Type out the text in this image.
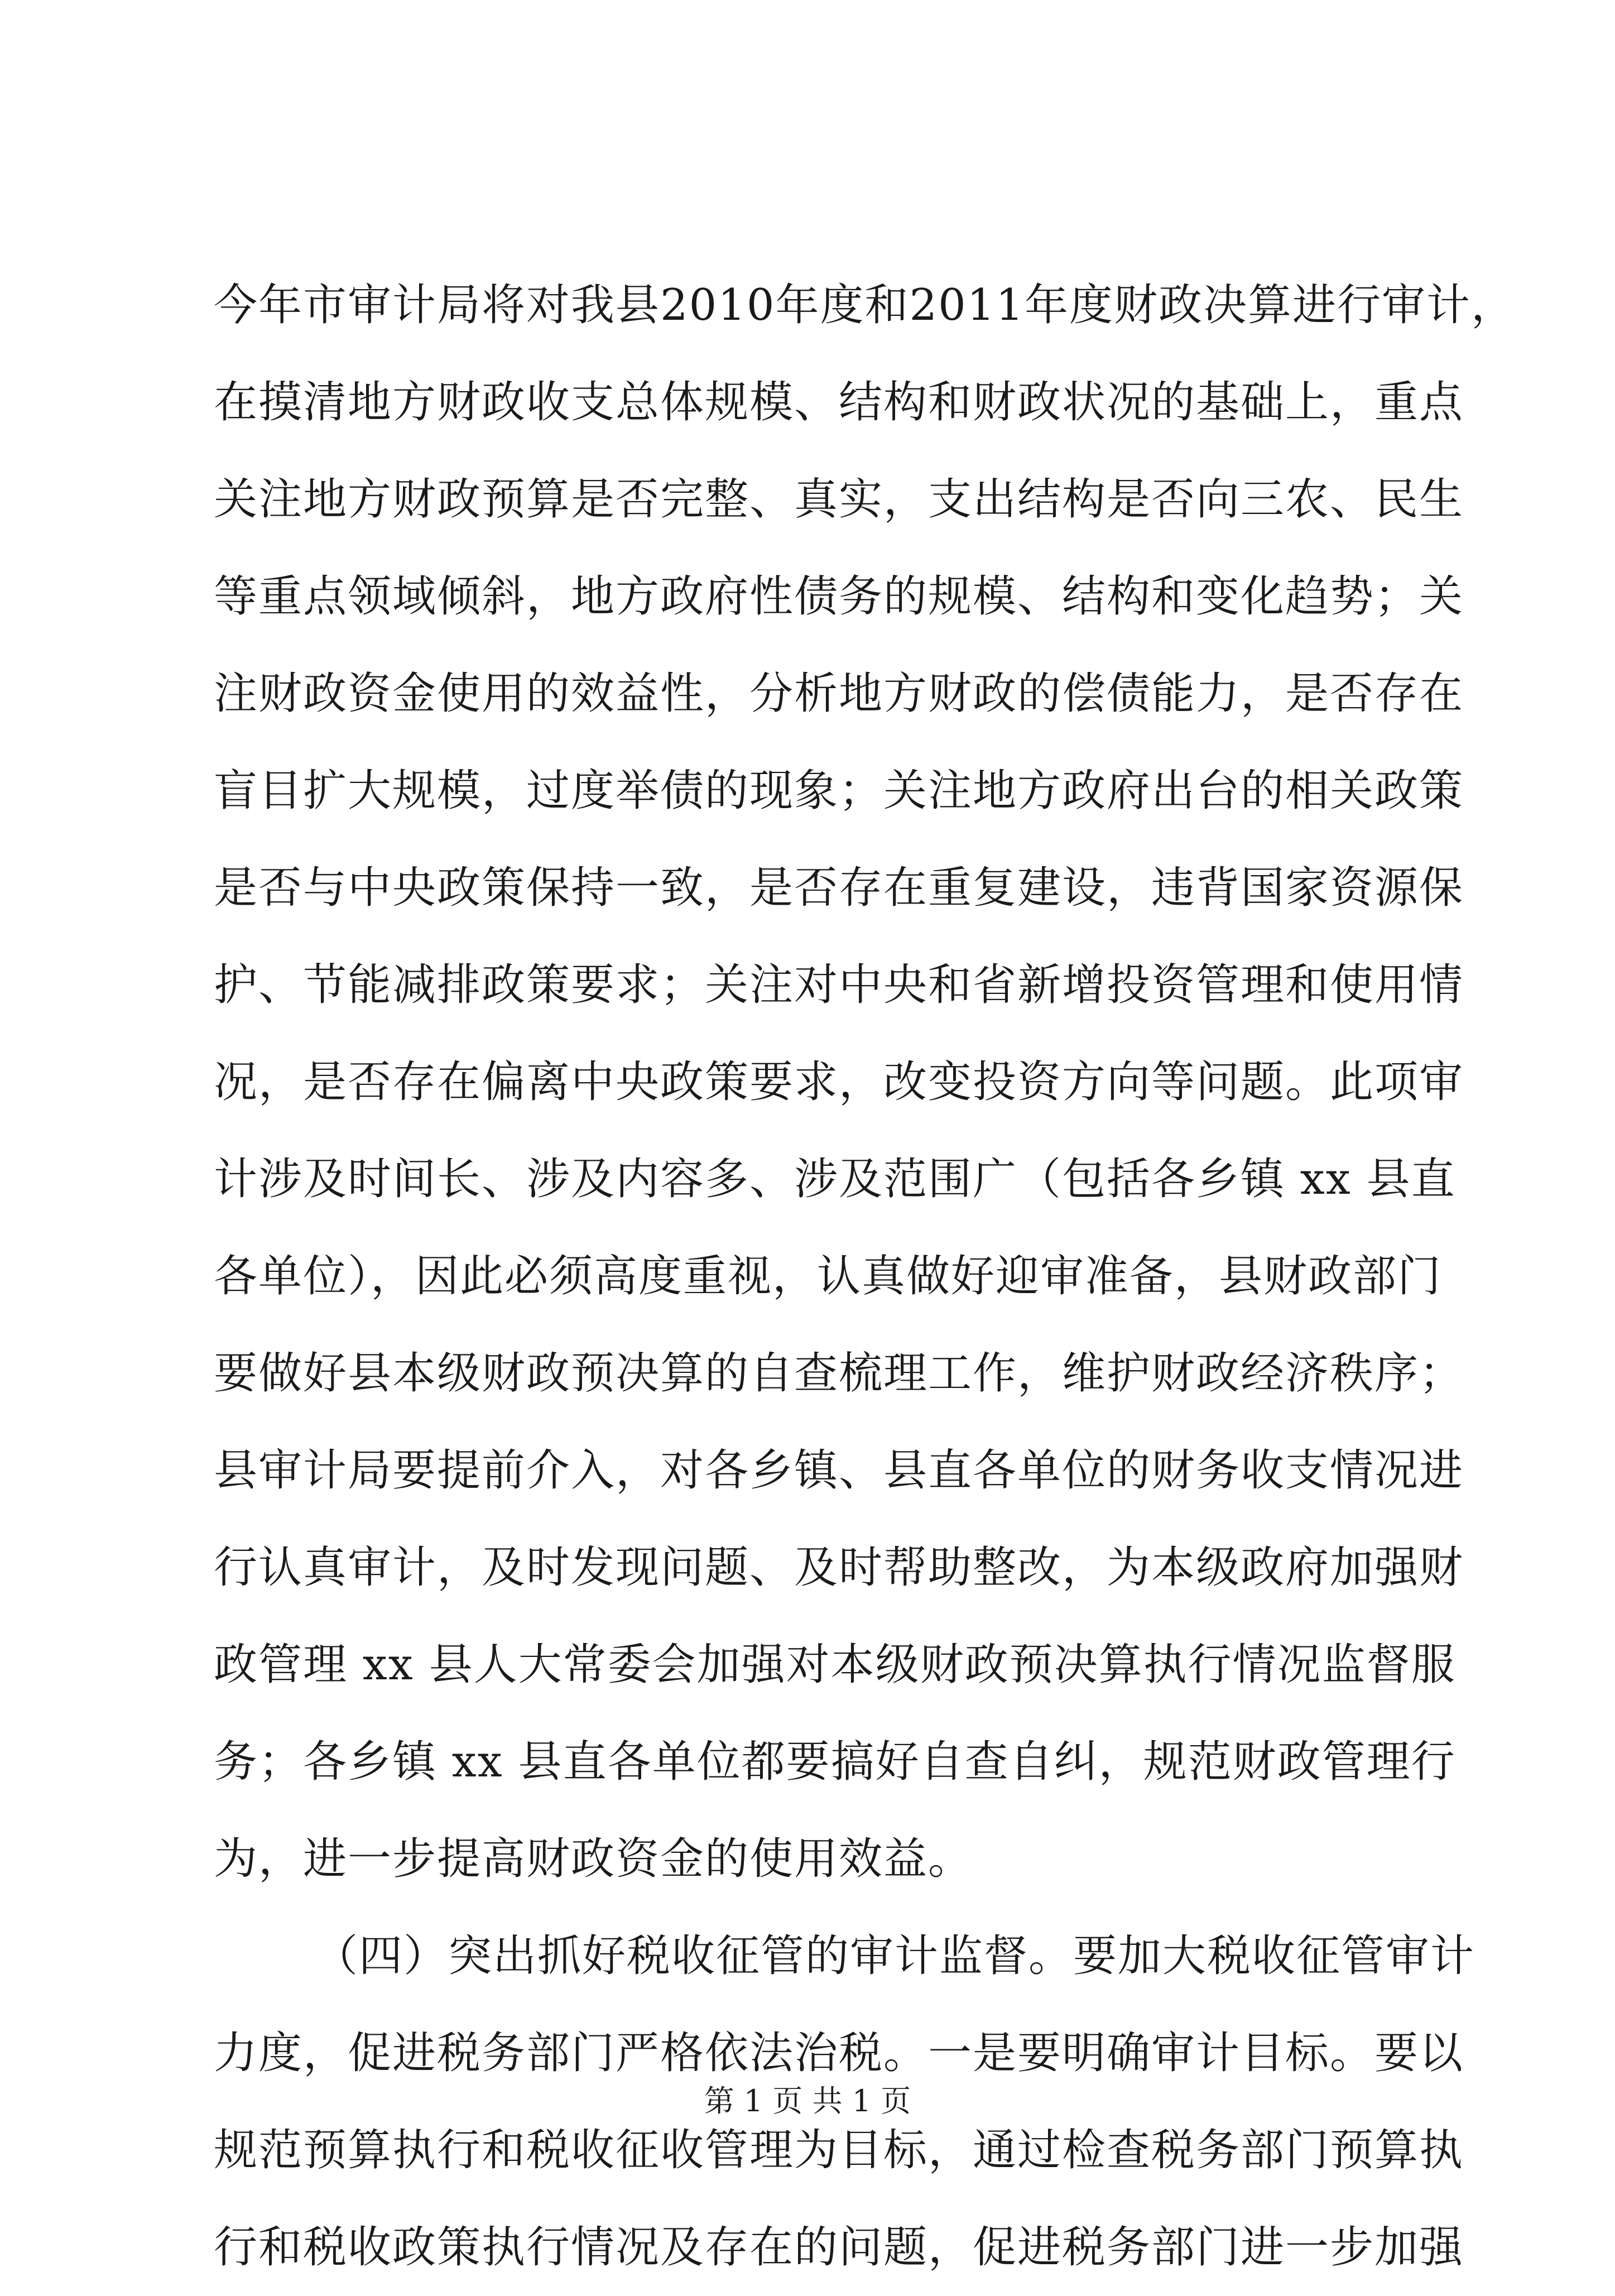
今年市审计局将对我县2010年度和2011年度财政决算进行审计，
在摸清地方财政收支总体规模、结构和财政状况的基础上，重点
关注地方财政预算是否完整、真实，支出结构是否向三农、民生
等重点领域倾斜，地方政府性债务的规模、结构和变化趋势；关
注财政资金使用的效益性，分析地方财政的偿债能力，是否存在
盲目扩大规模，过度举债的现象；关注地方政府出台的相关政策
是否与中央政策保持一致，是否存在重复建设，违背国家资源保
护、节能减排政策要求；关注对中央和省新增投资管理和使用情
况，是否存在偏离中央政策要求，改变投资方向等问题。此项审
计涉及时间长、涉及内容多、涉及范围广（包括各乡镇 xx 县直
各单位），因此必须高度重视，认真做好迎审准备，县财政部门
要做好县本级财政预决算的自查梳理工作，维护财政经济秩序；
县审计局要提前介入，对各乡镇、县直各单位的财务收支情况进
行认真审计，及时发现问题、及时帮助整改，为本级政府加强财
政管理 xx 县人大常委会加强对本级财政预决算执行情况监督服
务；各乡镇 xx 县直各单位都要搞好自查自纠，规范财政管理行
为，进一步提高财政资金的使用效益。
（四）突出抓好税收征管的审计监督。要加大税收征管审计
力度，促进税务部门严格依法治税。一是要明确审计目标。要以
规范预算执行和税收征收管理为目标，通过检查税务部门预算执
行和税收政策执行情况及存在的问题，促进税务部门进一步加强
第 1 页 共 1 页
